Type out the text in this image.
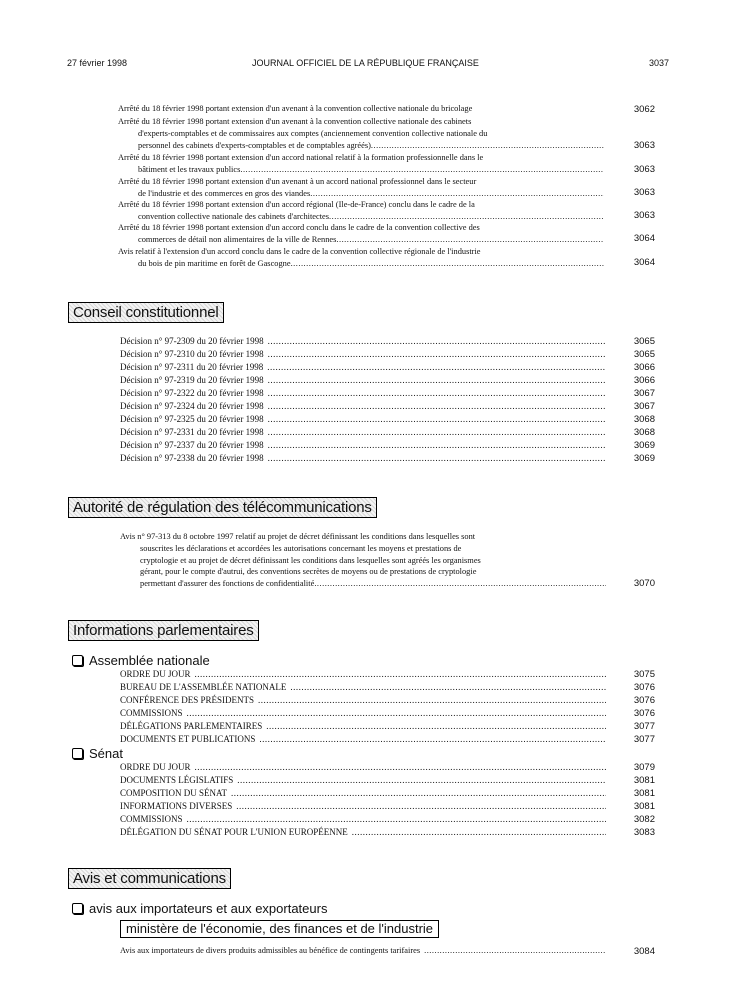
27 février 1998	JOURNAL OFFICIEL DE LA RÉPUBLIQUE FRANÇAISE	3037
Arrêté du 18 février 1998 portant extension d'un avenant à la convention collective nationale du bricolage	3062
Arrêté du 18 février 1998 portant extension d'un avenant à la convention collective nationale des cabinets
d'experts-comptables et de commissaires aux comptes (anciennement convention collective nationale du
personnel des cabinets d'experts-comptables et de comptables agréés) .....	3063
Arrêté du 18 février 1998 portant extension d'un accord national relatif à la formation professionnelle dans le
bâtiment et les travaux publics .....	3063
Arrêté du 18 février 1998 portant extension d'un avenant à un accord national professionnel dans le secteur
de l'industrie et des commerces en gros des viandes .....	3063
Arrêté du 18 février 1998 portant extension d'un accord régional (Ile-de-France) conclu dans le cadre de la
convention collective nationale des cabinets d'architectes .....	3063
Arrêté du 18 février 1998 portant extension d'un accord conclu dans le cadre de la convention collective des
commerces de détail non alimentaires de la ville de Rennes .....	3064
Avis relatif à l'extension d'un accord conclu dans le cadre de la convention collective régionale de l'industrie
du bois de pin maritime en forêt de Gascogne .....	3064
Conseil constitutionnel
Décision n° 97-2309 du 20 février 1998 .....	3065
Décision n° 97-2310 du 20 février 1998 .....	3065
Décision n° 97-2311 du 20 février 1998 .....	3066
Décision n° 97-2319 du 20 février 1998 .....	3066
Décision n° 97-2322 du 20 février 1998 .....	3067
Décision n° 97-2324 du 20 février 1998 .....	3067
Décision n° 97-2325 du 20 février 1998 .....	3068
Décision n° 97-2331 du 20 février 1998 .....	3068
Décision n° 97-2337 du 20 février 1998 .....	3069
Décision n° 97-2338 du 20 février 1998 .....	3069
Autorité de régulation des télécommunications
Avis n° 97-313 du 8 octobre 1997 relatif au projet de décret définissant les conditions dans lesquelles sont
souscrites les déclarations et accordées les autorisations concernant les moyens et prestations de
cryptologie et au projet de décret définissant les conditions dans lesquelles sont agréés les organismes
gérant, pour le compte d'autrui, des conventions secrètes de moyens ou de prestations de cryptologie
permettant d'assurer des fonctions de confidentialité .....	3070
Informations parlementaires
Assemblée nationale
ORDRE DU JOUR .....	3075
BUREAU DE L'ASSEMBLÉE NATIONALE .....	3076
CONFÉRENCE DES PRÉSIDENTS .....	3076
COMMISSIONS .....	3076
DÉLÉGATIONS PARLEMENTAIRES .....	3077
DOCUMENTS ET PUBLICATIONS .....	3077
Sénat
ORDRE DU JOUR .....	3079
DOCUMENTS LÉGISLATIFS .....	3081
COMPOSITION DU SÉNAT .....	3081
INFORMATIONS DIVERSES .....	3081
COMMISSIONS .....	3082
DÉLÉGATION DU SÉNAT POUR L'UNION EUROPÉENNE .....	3083
Avis et communications
avis aux importateurs et aux exportateurs
ministère de l'économie, des finances et de l'industrie
Avis aux importateurs de divers produits admissibles au bénéfice de contingents tarifaires .....	3084
